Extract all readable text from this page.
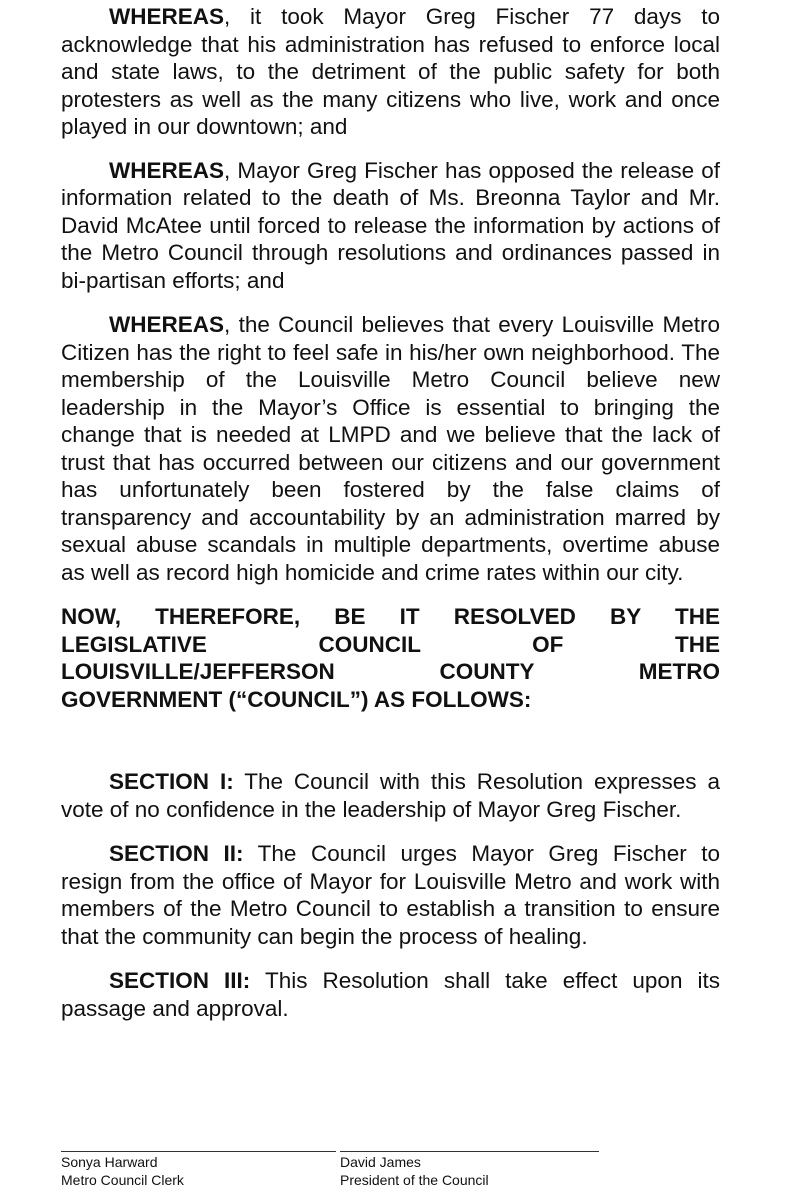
WHEREAS, it took Mayor Greg Fischer 77 days to acknowledge that his administration has refused to enforce local and state laws, to the detriment of the public safety for both protesters as well as the many citizens who live, work and once played in our downtown; and

WHEREAS, Mayor Greg Fischer has opposed the release of information related to the death of Ms. Breonna Taylor and Mr. David McAtee until forced to release the information by actions of the Metro Council through resolutions and ordinances passed in bi-partisan efforts; and

WHEREAS, the Council believes that every Louisville Metro Citizen has the right to feel safe in his/her own neighborhood. The membership of the Louisville Metro Council believe new leadership in the Mayor’s Office is essential to bringing the change that is needed at LMPD and we believe that the lack of trust that has occurred between our citizens and our government has unfortunately been fostered by the false claims of transparency and accountability by an administration marred by sexual abuse scandals in multiple departments, overtime abuse as well as record high homicide and crime rates within our city.

NOW, THEREFORE, BE IT RESOLVED BY THE

LEGISLATIVE COUNCIL OF THE

LOUISVILLE/JEFFERSON COUNTY METRO

GOVERNMENT (“COUNCIL”) AS FOLLOWS:

SECTION I: The Council with this Resolution expresses a vote of no confidence in the leadership of Mayor Greg Fischer.

SECTION II: The Council urges Mayor Greg Fischer to resign from the office of Mayor for Louisville Metro and work with members of the Metro Council to establish a transition to ensure that the community can begin the process of healing.

SECTION III: This Resolution shall take effect upon its passage and approval.

Sonya Harward
Metro Council Clerk
David James
President of the Council
